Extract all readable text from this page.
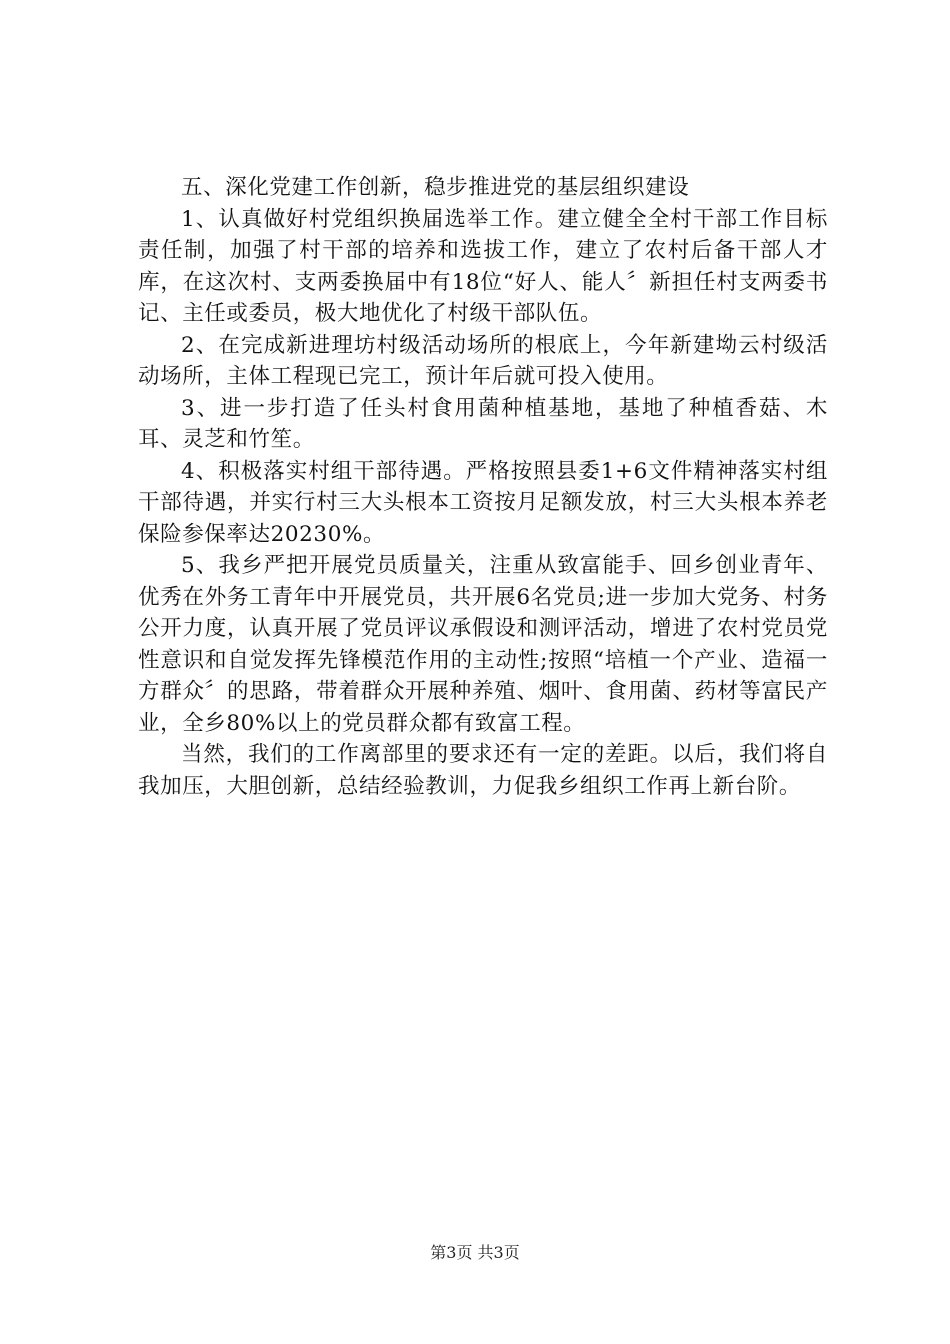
五、深化党建工作创新，稳步推进党的基层组织建设

1、认真做好村党组织换届选举工作。建立健全全村干部工作目标责任制，加强了村干部的培养和选拔工作，建立了农村后备干部人才库，在这次村、支两委换届中有18位“好人、能人〞新担任村支两委书记、主任或委员，极大地优化了村级干部队伍。

2、在完成新进理坊村级活动场所的根底上，今年新建坳云村级活动场所，主体工程现已完工，预计年后就可投入使用。

3、进一步打造了任头村食用菌种植基地，基地了种植香菇、木耳、灵芝和竹笙。

4、积极落实村组干部待遇。严格按照县委1+6文件精神落实村组干部待遇，并实行村三大头根本工资按月足额发放，村三大头根本养老保险参保率达20230%。

5、我乡严把开展党员质量关，注重从致富能手、回乡创业青年、优秀在外务工青年中开展党员，共开展6名党员;进一步加大党务、村务公开力度，认真开展了党员评议承假设和测评活动，增进了农村党员党性意识和自觉发挥先锋模范作用的主动性;按照“培植一个产业、造福一方群众〞的思路，带着群众开展种养殖、烟叶、食用菌、药材等富民产业，全乡80%以上的党员群众都有致富工程。

当然，我们的工作离部里的要求还有一定的差距。以后，我们将自我加压，大胆创新，总结经验教训，力促我乡组织工作再上新台阶。

第3页 共3页
